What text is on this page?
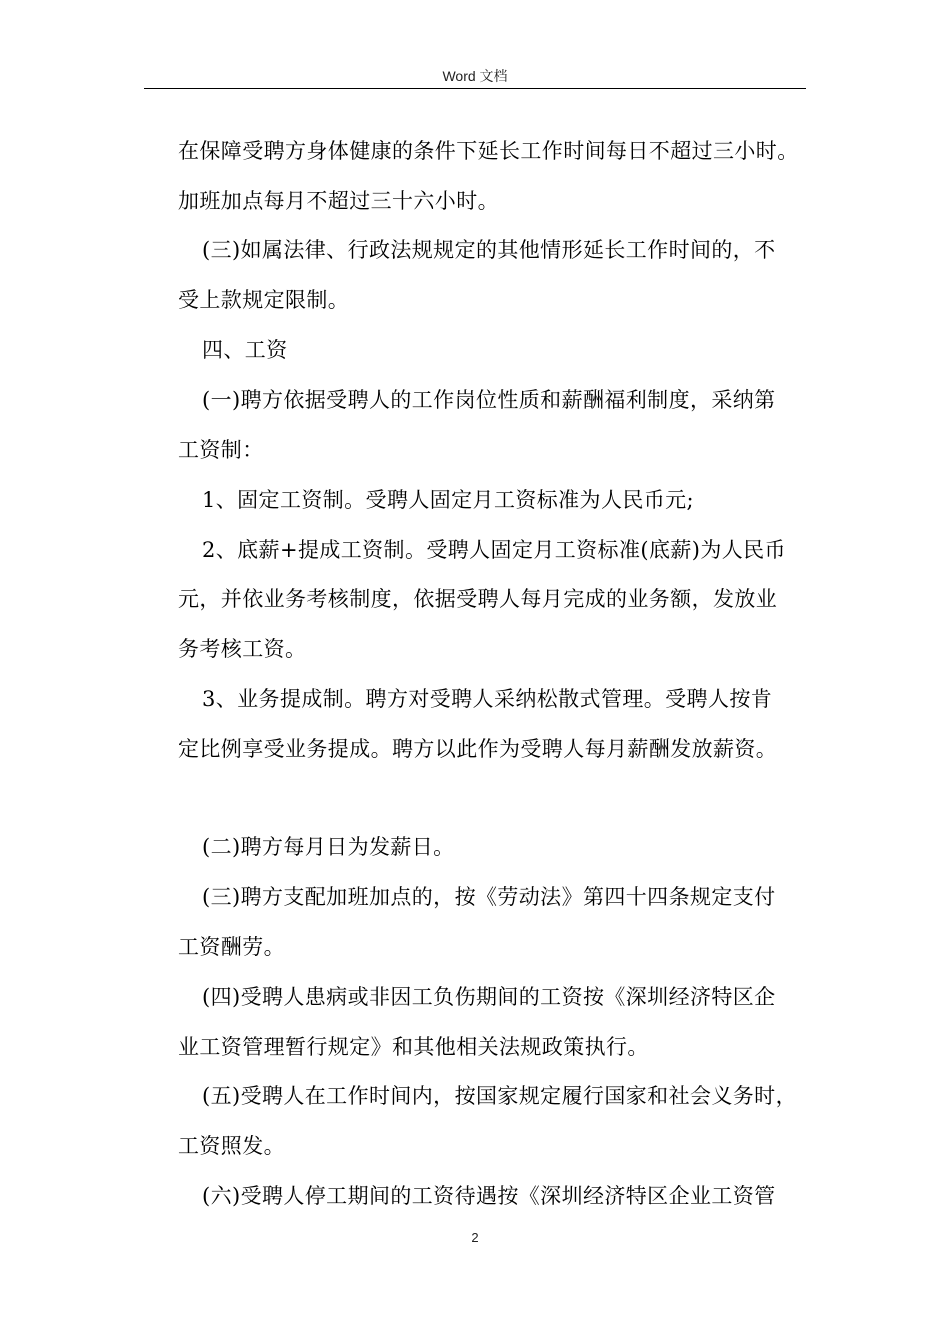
Word 文档
在保障受聘方身体健康的条件下延长工作时间每日不超过三小时。
加班加点每月不超过三十六小时。
(三)如属法律、行政法规规定的其他情形延长工作时间的，不
受上款规定限制。
四、工资
(一)聘方依据受聘人的工作岗位性质和薪酬福利制度，采纳第
工资制：
1、固定工资制。受聘人固定月工资标准为人民币元;
2、底薪+提成工资制。受聘人固定月工资标准(底薪)为人民币
元，并依业务考核制度，依据受聘人每月完成的业务额，发放业
务考核工资。
3、业务提成制。聘方对受聘人采纳松散式管理。受聘人按肯
定比例享受业务提成。聘方以此作为受聘人每月薪酬发放薪资。
(二)聘方每月日为发薪日。
(三)聘方支配加班加点的，按《劳动法》第四十四条规定支付
工资酬劳。
(四)受聘人患病或非因工负伤期间的工资按《深圳经济特区企
业工资管理暂行规定》和其他相关法规政策执行。
(五)受聘人在工作时间内，按国家规定履行国家和社会义务时，
工资照发。
(六)受聘人停工期间的工资待遇按《深圳经济特区企业工资管
2
